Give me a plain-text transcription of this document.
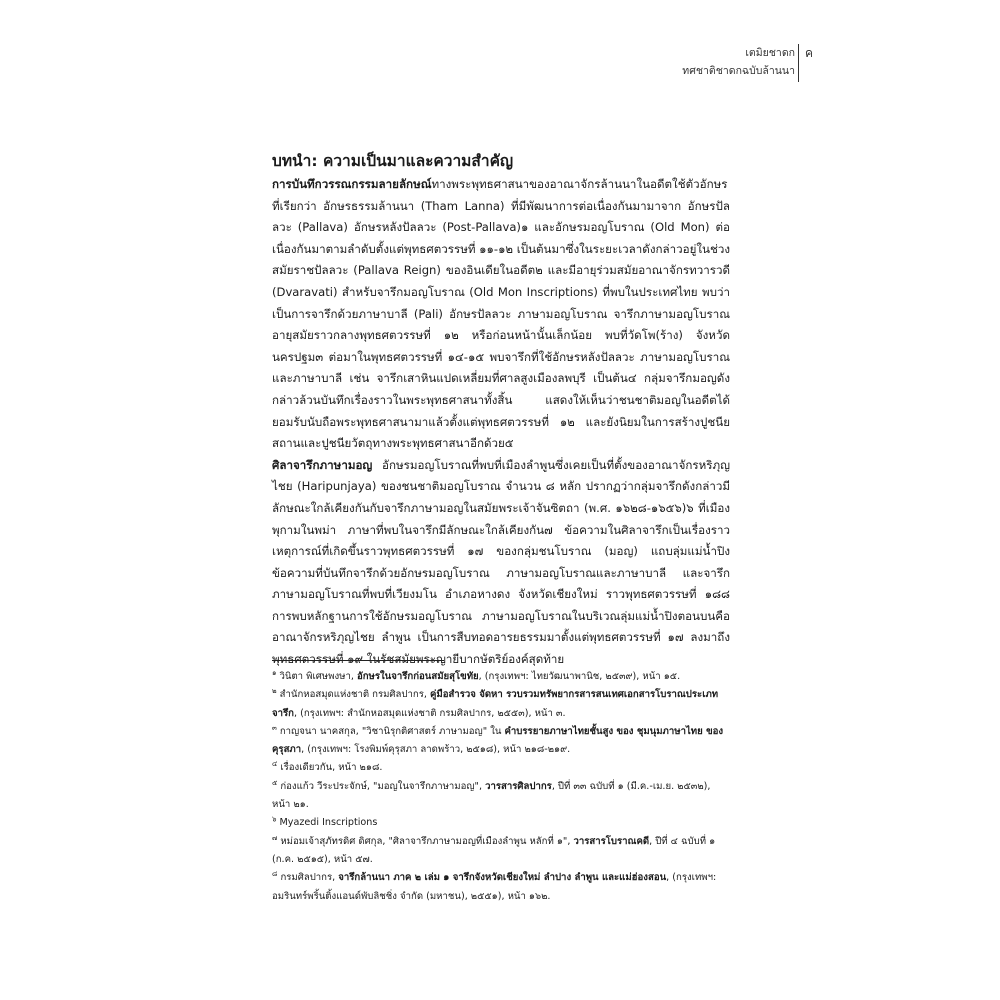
เตมิยชาดก
ทศชาติชาดกฉบับล้านนา
ค
บทนำ: ความเป็นมาและความสำคัญ

การบันทึกวรรณกรรมลายลักษณ์ทางพระพุทธศาสนาของอาณาจักรล้านนาในอดีตใช้ตัวอักษรที่เรียกว่า อักษรธรรมล้านนา (Tham Lanna) ที่มีพัฒนาการต่อเนื่องกันมามาจาก อักษรปัลลวะ (Pallava) อักษรหลังปัลลวะ (Post-Pallava)๑ และอักษรมอญโบราณ (Old Mon) ต่อเนื่องกันมาตามลำดับตั้งแต่พุทธศตวรรษที่ ๑๑-๑๒ เป็นต้นมาซึ่งในระยะเวลาดังกล่าวอยู่ในช่วงสมัยราชปัลลวะ (Pallava Reign) ของอินเดียในอดีต๒ และมีอายุร่วมสมัยอาณาจักรทวารวดี (Dvaravati) สำหรับจารึกมอญโบราณ (Old Mon Inscriptions) ที่พบในประเทศไทย พบว่าเป็นการจารึกด้วยภาษาบาลี (Pali) อักษรปัลลวะ ภาษามอญโบราณ จารึกภาษามอญโบราณอายุสมัยราวกลางพุทธศตวรรษที่ ๑๒ หรือก่อนหน้านั้นเล็กน้อย พบที่วัดโพ(ร้าง) จังหวัดนครปฐม๓ ต่อมาในพุทธศตวรรษที่ ๑๔-๑๕ พบจารึกที่ใช้อักษรหลังปัลลวะ ภาษามอญโบราณและภาษาบาลี เช่น จารึกเสาหินแปดเหลี่ยมที่ศาลสูงเมืองลพบุรี เป็นต้น๔ กลุ่มจารึกมอญดังกล่าวล้วนบันทึกเรื่องราวในพระพุทธศาสนาทั้งสิ้น แสดงให้เห็นว่าชนชาติมอญในอดีตได้ยอมรับนับถือพระพุทธศาสนามาแล้วตั้งแต่พุทธศตวรรษที่ ๑๒ และยังนิยมในการสร้างปูชนียสถานและปูชนียวัตถุทางพระพุทธศาสนาอีกด้วย๕

ศิลาจารึกภาษามอญ อักษรมอญโบราณที่พบที่เมืองลำพูนซึ่งเคยเป็นที่ตั้งของอาณาจักรหริภุญไชย (Haripunjaya) ของชนชาติมอญโบราณ จำนวน ๘ หลัก ปรากฏว่ากลุ่มจารึกดังกล่าวมีลักษณะใกล้เคียงกันกับจารึกภาษามอญในสมัยพระเจ้าจันซิตถา (พ.ศ. ๑๖๒๘-๑๖๕๖)๖ ที่เมืองพุกามในพม่า ภาษาที่พบในจารึกมีลักษณะใกล้เคียงกัน๗ ข้อความในศิลาจารึกเป็นเรื่องราวเหตุการณ์ที่เกิดขึ้นราวพุทธศตวรรษที่ ๑๗ ของกลุ่มชนโบราณ (มอญ) แถบลุ่มแม่น้ำปิง ข้อความที่บันทึกจารึกด้วยอักษรมอญโบราณ ภาษามอญโบราณและภาษาบาลี และจารึกภาษามอญโบราณที่พบที่เวียงมโน อำเภอหางดง จังหวัดเชียงใหม่ ราวพุทธศตวรรษที่ ๑๘๘ การพบหลักฐานการใช้อักษรมอญโบราณ ภาษามอญโบราณในบริเวณลุ่มแม่น้ำปิงตอนบนคืออาณาจักรหริภุญไชย ลำพูน เป็นการสืบทอดอารยธรรมมาตั้งแต่พุทธศตวรรษที่ ๑๗ ลงมาถึงพุทธศตวรรษที่ ๑๙ ในรัชสมัยพระญายีบากษัตริย์องค์สุดท้าย

$^๑$ วินิตา พิเศษพงษา, อักษรในจารึกก่อนสมัยสุโขทัย, (กรุงเทพฯ: ไทยวัฒนาพานิช, ๒๕๓๙), หน้า ๑๕.

$^๒$ สำนักหอสมุดแห่งชาติ กรมศิลปากร, คู่มือสำรวจ จัดหา รวบรวมทรัพยากรสารสนเทศเอกสารโบราณประเภทจารึก, (กรุงเทพฯ: สำนักหอสมุดแห่งชาติ กรมศิลปากร, ๒๕๕๓), หน้า ๓.

$^๓$ กาญจนา นาคสกุล, "วิชานิรุกติศาสตร์ ภาษามอญ" ใน คำบรรยายภาษาไทยชั้นสูง ของ ชุมนุมภาษาไทย ของคุรุสภา, (กรุงเทพฯ: โรงพิมพ์คุรุสภา ลาดพร้าว, ๒๕๑๘), หน้า ๒๑๘-๒๑๙.

$^๔$ เรื่องเดียวกัน, หน้า ๒๑๘.

$^๕$ ก่องแก้ว วีระประจักษ์, "มอญในจารึกภาษามอญ", วารสารศิลปากร, ปีที่ ๓๓ ฉบับที่ ๑ (มี.ค.-เม.ย. ๒๕๓๒), หน้า ๒๑.

$^๖$ Myazedi Inscriptions

$^๗$ หม่อมเจ้าสุภัทรดิศ ดิศกุล, "ศิลาจารึกภาษามอญที่เมืองลำพูน หลักที่ ๑", วารสารโบราณคดี, ปีที่ ๔ ฉบับที่ ๑ (ก.ค. ๒๕๑๕), หน้า ๕๗.

$^๘$ กรมศิลปากร, จารึกล้านนา ภาค ๒ เล่ม ๑ จารึกจังหวัดเชียงใหม่ ลำปาง ลำพูน และแม่ฮ่องสอน, (กรุงเทพฯ: อมรินทร์พริ้นติ้งแอนด์พับลิชชิ่ง จำกัด (มหาชน), ๒๕๕๑), หน้า ๑๖๒.
